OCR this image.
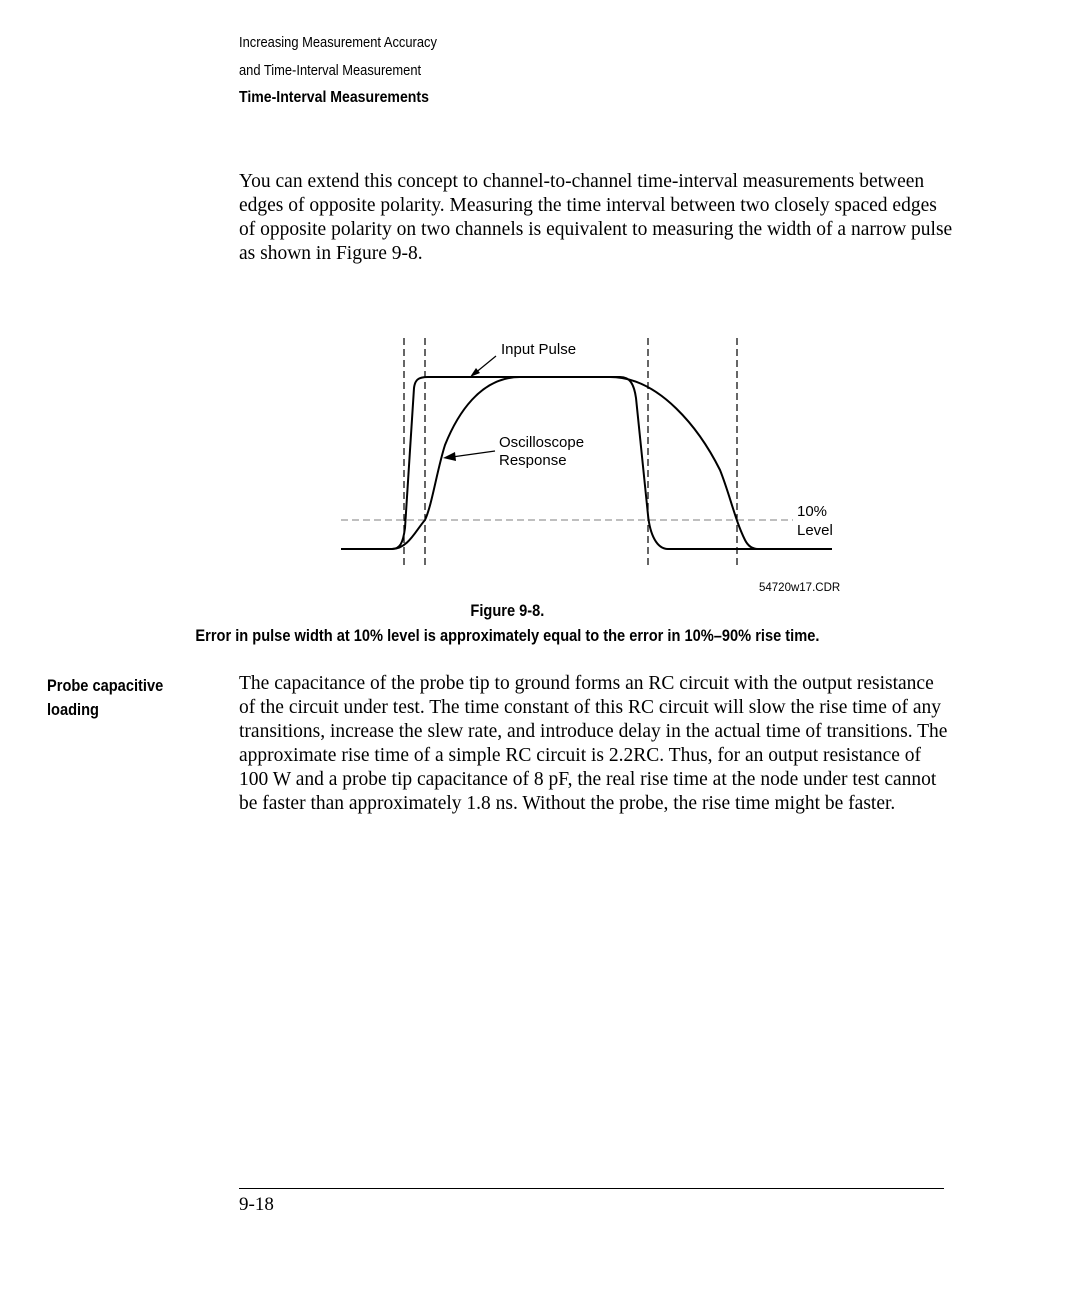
Increasing Measurement Accuracy
and Time-Interval Measurement
Time-Interval Measurements

You can extend this concept to channel-to-channel time-interval measurements between edges of opposite polarity. Measuring the time interval between two closely spaced edges of opposite polarity on two channels is equivalent to measuring the width of a narrow pulse as shown in Figure 9-8.

Input Pulse
Oscilloscope
Response
10%
Level
54720w17.CDR
Figure 9-8.
Error in pulse width at 10% level is approximately equal to the error in 10%–90% rise time.
Probe capacitive loading

The capacitance of the probe tip to ground forms an RC circuit with the output resistance of the circuit under test. The time constant of this RC circuit will slow the rise time of any transitions, increase the slew rate, and introduce delay in the actual time of transitions. The approximate rise time of a simple RC circuit is 2.2RC. Thus, for an output resistance of 100 W and a probe tip capacitance of 8 pF, the real rise time at the node under test cannot be faster than approximately 1.8 ns. Without the probe, the rise time might be faster.

9-18
